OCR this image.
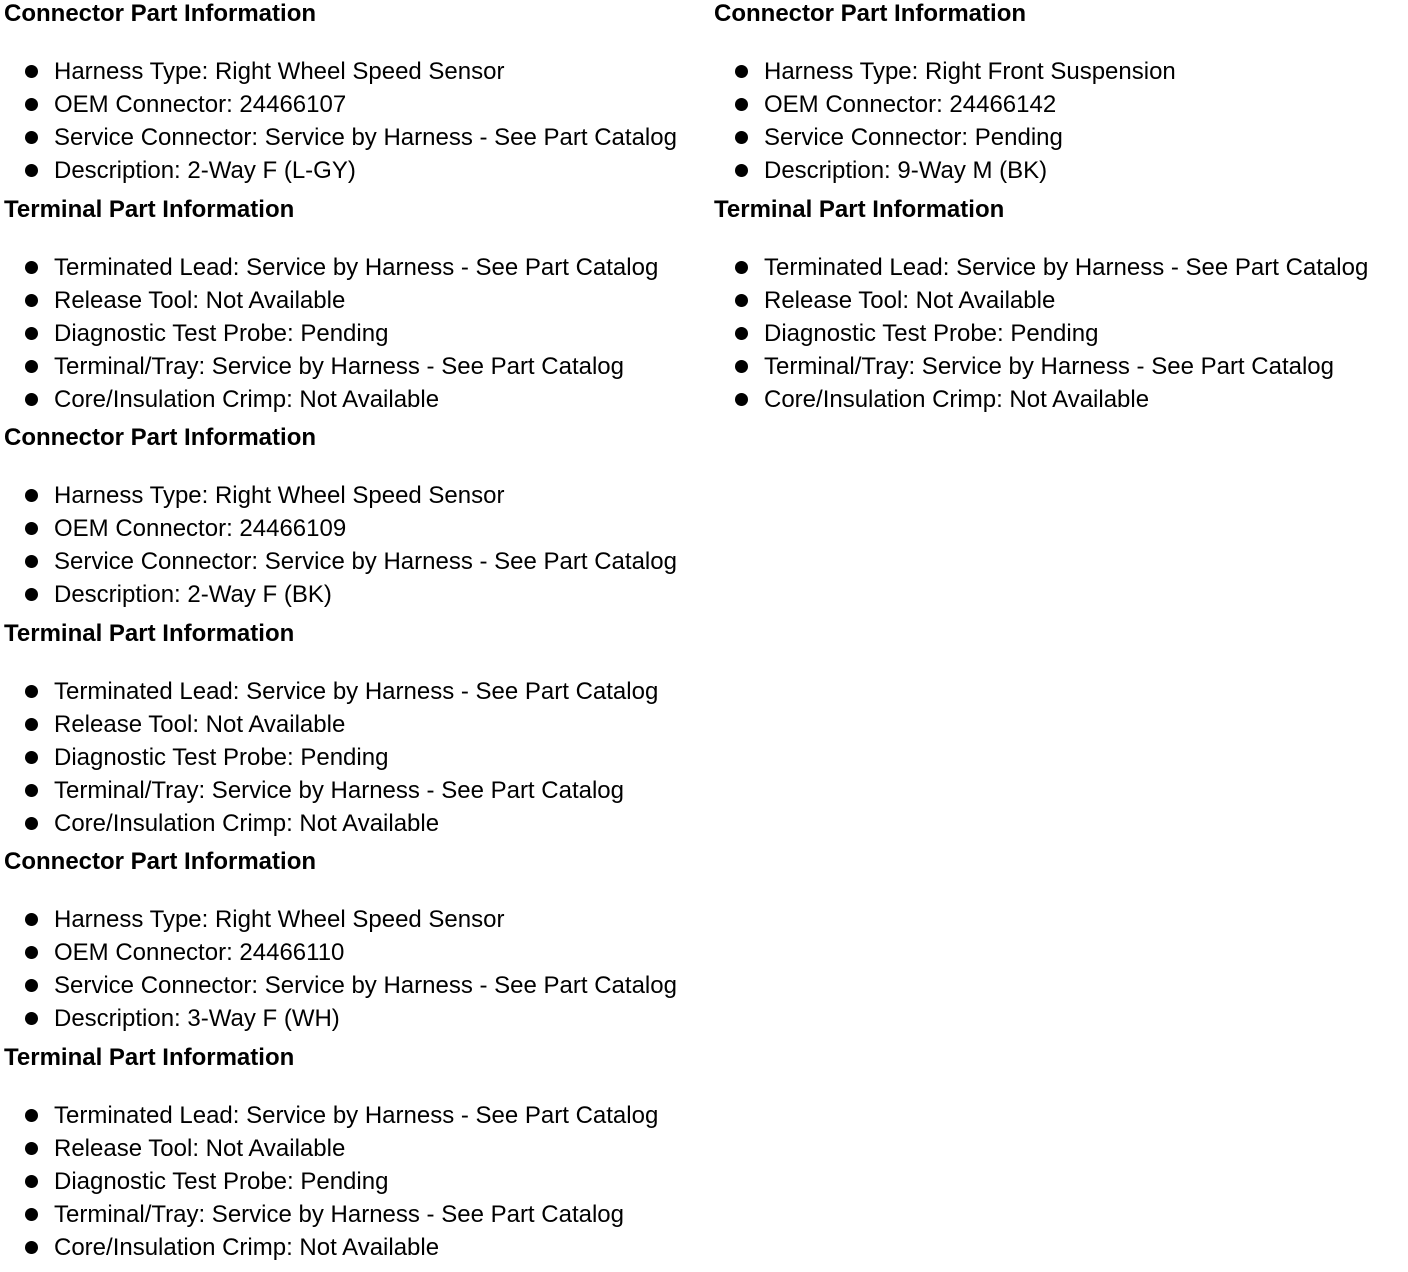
Connector Part Information
Harness Type: Right Wheel Speed Sensor
OEM Connector: 24466107
Service Connector: Service by Harness - See Part Catalog
Description: 2-Way F (L-GY)
Terminal Part Information
Terminated Lead: Service by Harness - See Part Catalog
Release Tool: Not Available
Diagnostic Test Probe: Pending
Terminal/Tray: Service by Harness - See Part Catalog
Core/Insulation Crimp: Not Available
Connector Part Information
Harness Type: Right Wheel Speed Sensor
OEM Connector: 24466109
Service Connector: Service by Harness - See Part Catalog
Description: 2-Way F (BK)
Terminal Part Information
Terminated Lead: Service by Harness - See Part Catalog
Release Tool: Not Available
Diagnostic Test Probe: Pending
Terminal/Tray: Service by Harness - See Part Catalog
Core/Insulation Crimp: Not Available
Connector Part Information
Harness Type: Right Wheel Speed Sensor
OEM Connector: 24466110
Service Connector: Service by Harness - See Part Catalog
Description: 3-Way F (WH)
Terminal Part Information
Terminated Lead: Service by Harness - See Part Catalog
Release Tool: Not Available
Diagnostic Test Probe: Pending
Terminal/Tray: Service by Harness - See Part Catalog
Core/Insulation Crimp: Not Available
Connector Part Information
Harness Type: Right Front Suspension
OEM Connector: 24466142
Service Connector: Pending
Description: 9-Way M (BK)
Terminal Part Information
Terminated Lead: Service by Harness - See Part Catalog
Release Tool: Not Available
Diagnostic Test Probe: Pending
Terminal/Tray: Service by Harness - See Part Catalog
Core/Insulation Crimp: Not Available
